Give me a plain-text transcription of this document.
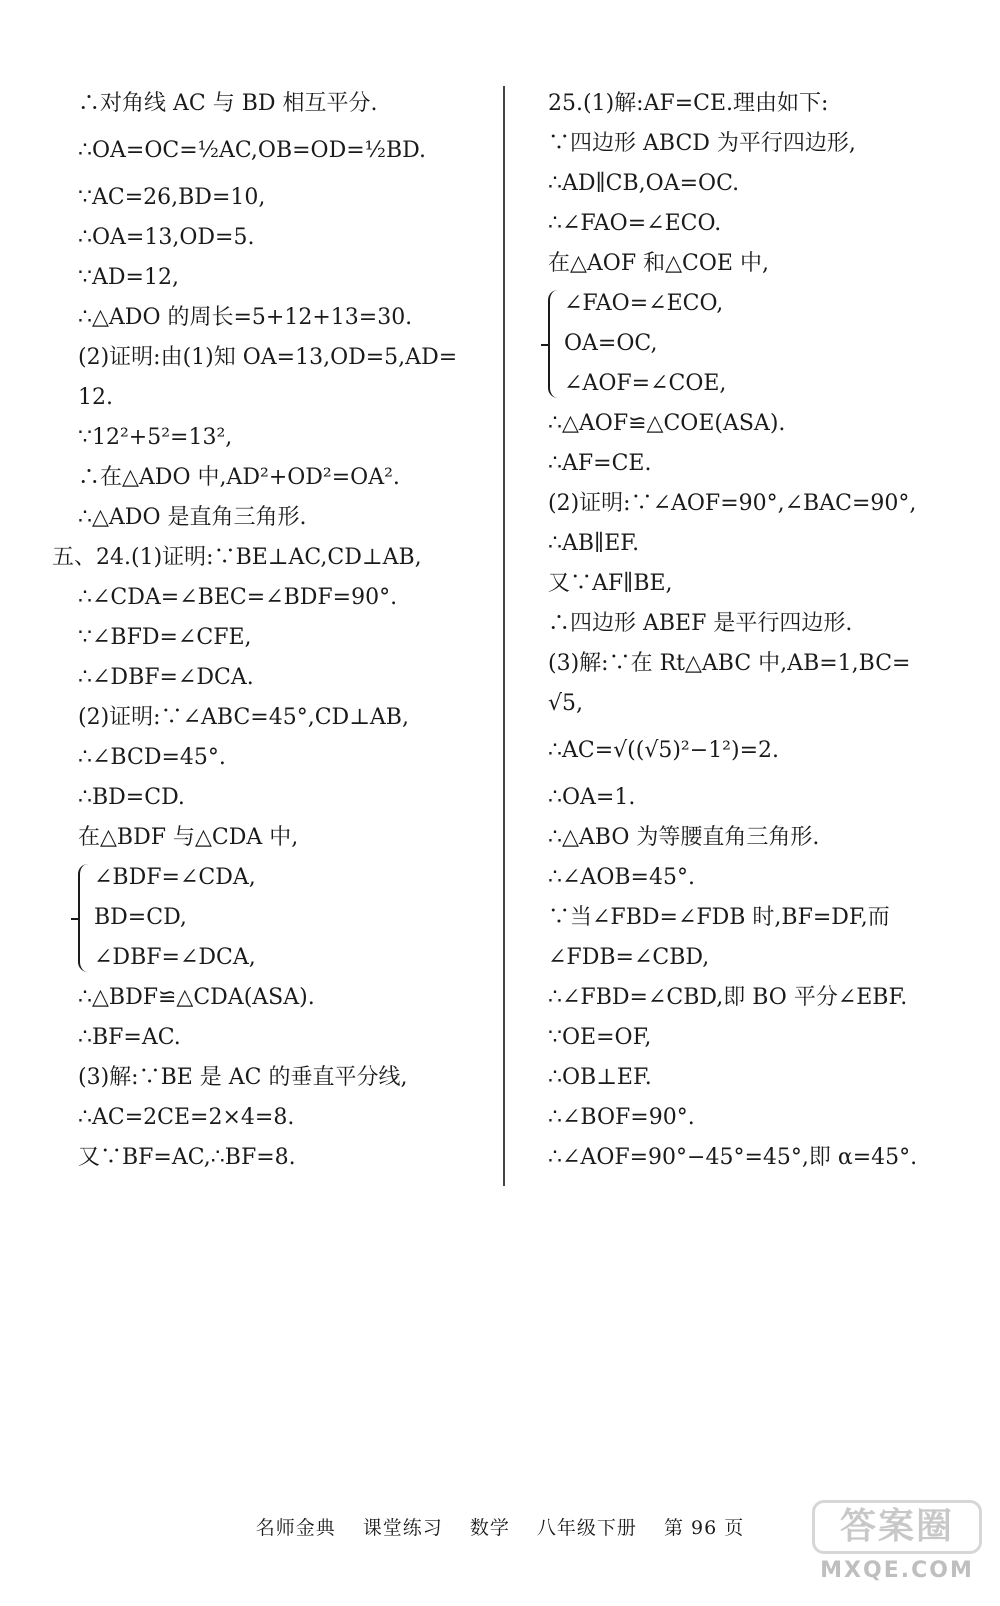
∴对角线 AC 与 BD 相互平分.
∴OA=OC=½AC,OB=OD=½BD.
∵AC=26,BD=10,
∴OA=13,OD=5.
∵AD=12,
∴△ADO 的周长=5+12+13=30.
(2)证明:由(1)知 OA=13,OD=5,AD=
12.
∵12²+5²=13²,
∴在△ADO 中,AD²+OD²=OA².
∴△ADO 是直角三角形.
五、24.(1)证明:∵BE⊥AC,CD⊥AB,
∴∠CDA=∠BEC=∠BDF=90°.
∵∠BFD=∠CFE,
∴∠DBF=∠DCA.
(2)证明:∵∠ABC=45°,CD⊥AB,
∴∠BCD=45°.
∴BD=CD.
在△BDF 与△CDA 中,
∠BDF=∠CDA,
BD=CD,
∠DBF=∠DCA,
∴△BDF≌△CDA(ASA).
∴BF=AC.
(3)解:∵BE 是 AC 的垂直平分线,
∴AC=2CE=2×4=8.
又∵BF=AC,∴BF=8.
25.(1)解:AF=CE.理由如下:
∵四边形 ABCD 为平行四边形,
∴AD∥CB,OA=OC.
∴∠FAO=∠ECO.
在△AOF 和△COE 中,
∠FAO=∠ECO,
OA=OC,
∠AOF=∠COE,
∴△AOF≌△COE(ASA).
∴AF=CE.
(2)证明:∵∠AOF=90°,∠BAC=90°,
∴AB∥EF.
又∵AF∥BE,
∴四边形 ABEF 是平行四边形.
(3)解:∵在 Rt△ABC 中,AB=1,BC=
√5,
∴AC=√((√5)²−1²)=2.
∴OA=1.
∴△ABO 为等腰直角三角形.
∴∠AOB=45°.
∵当∠FBD=∠FDB 时,BF=DF,而
∠FDB=∠CBD,
∴∠FBD=∠CBD,即 BO 平分∠EBF.
∵OE=OF,
∴OB⊥EF.
∴∠BOF=90°.
∴∠AOF=90°−45°=45°,即 α=45°.
名师金典 课堂练习 数学 八年级下册 第 96 页	答案圈
MXQE.COM
